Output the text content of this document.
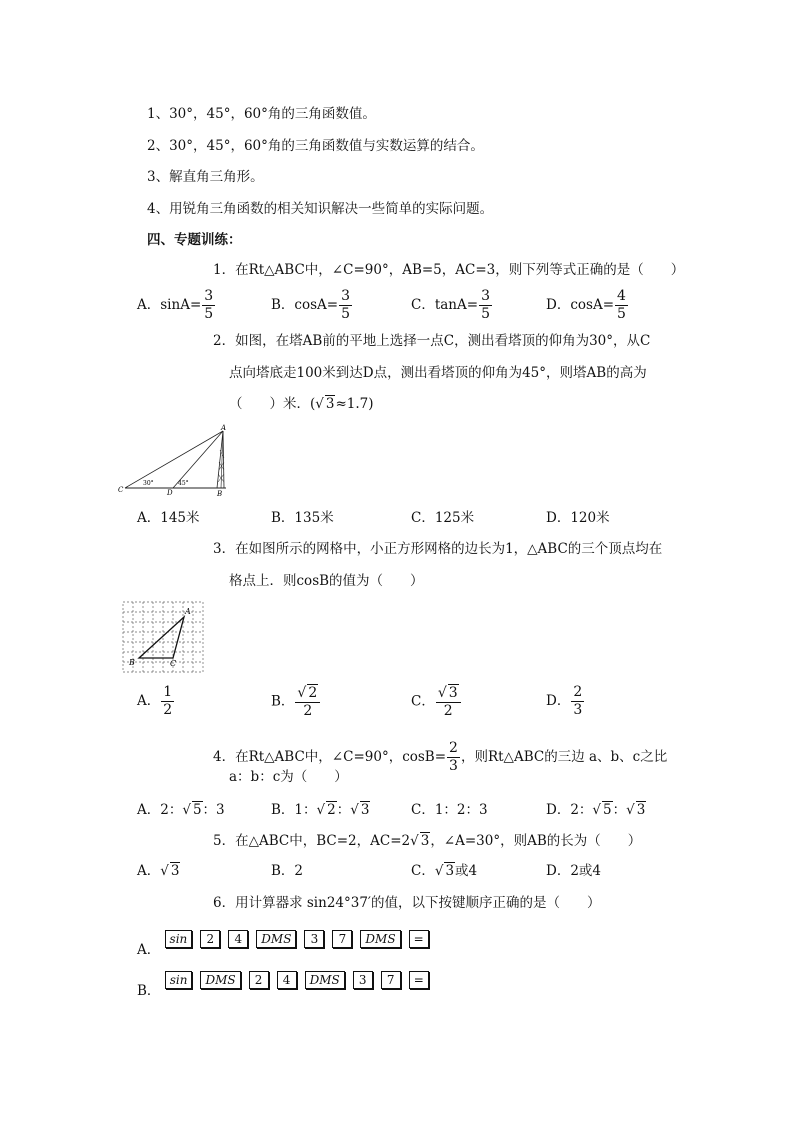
1、30°，45°，60°角的三角函数值。
2、30°，45°，60°角的三角函数值与实数运算的结合。
3、解直角三角形。
4、用锐角三角函数的相关知识解决一些简单的实际问题。
四、专题训练：
1．在Rt△ABC中，∠C=90°，AB=5，AC=3，则下列等式正确的是（　　）
A．$\sin A= \frac{3}{5}$	B．$\cos A= \frac{3}{5}$	C．$\tan A= \frac{3}{5}$	D．$\cos A= \frac{4}{5}$
2．如图，在塔AB前的平地上选择一点C，测出看塔顶的仰角为30°，从C
点向塔底走100米到达D点，测出看塔顶的仰角为45°，则塔AB的高为
（　　）米．(√ 3≈1.7)
A
C	D	B
30°	45°
A．145米	B．135米	C．125米	D．120米
3．在如图所示的网格中，小正方形网格的边长为1，△ABC的三个顶点均在
格点上．则cosB的值为（　　）
A
B	C
A． $\frac{1}{2}$	B． $\frac{√ 2}{2}$	C． $\frac{√ 3}{2}$	D． $\frac{2}{3}$
4．在Rt△ABC中，∠C=90°，$\cos B= \frac{2}{3}$ ，则Rt△ABC的三边 a、b、c之比
a：b：c为（　　）
A．2：√ 5：3	B．1：√ 2：√ 3	C．1：2：3	D．2：√ 5：√ 3
5．在△ABC中，BC=2，AC=2√ 3，∠A=30°，则AB的长为（　　）
A．√ 3	B．2	C．√ 3或4	D．2或4
6．用计算器求 sin24°37′的值，以下按键顺序正确的是（　　）
A． sin 2 4 DMS 3 7 DMS =
B． sin DMS 2 4 DMS 3 7 =
